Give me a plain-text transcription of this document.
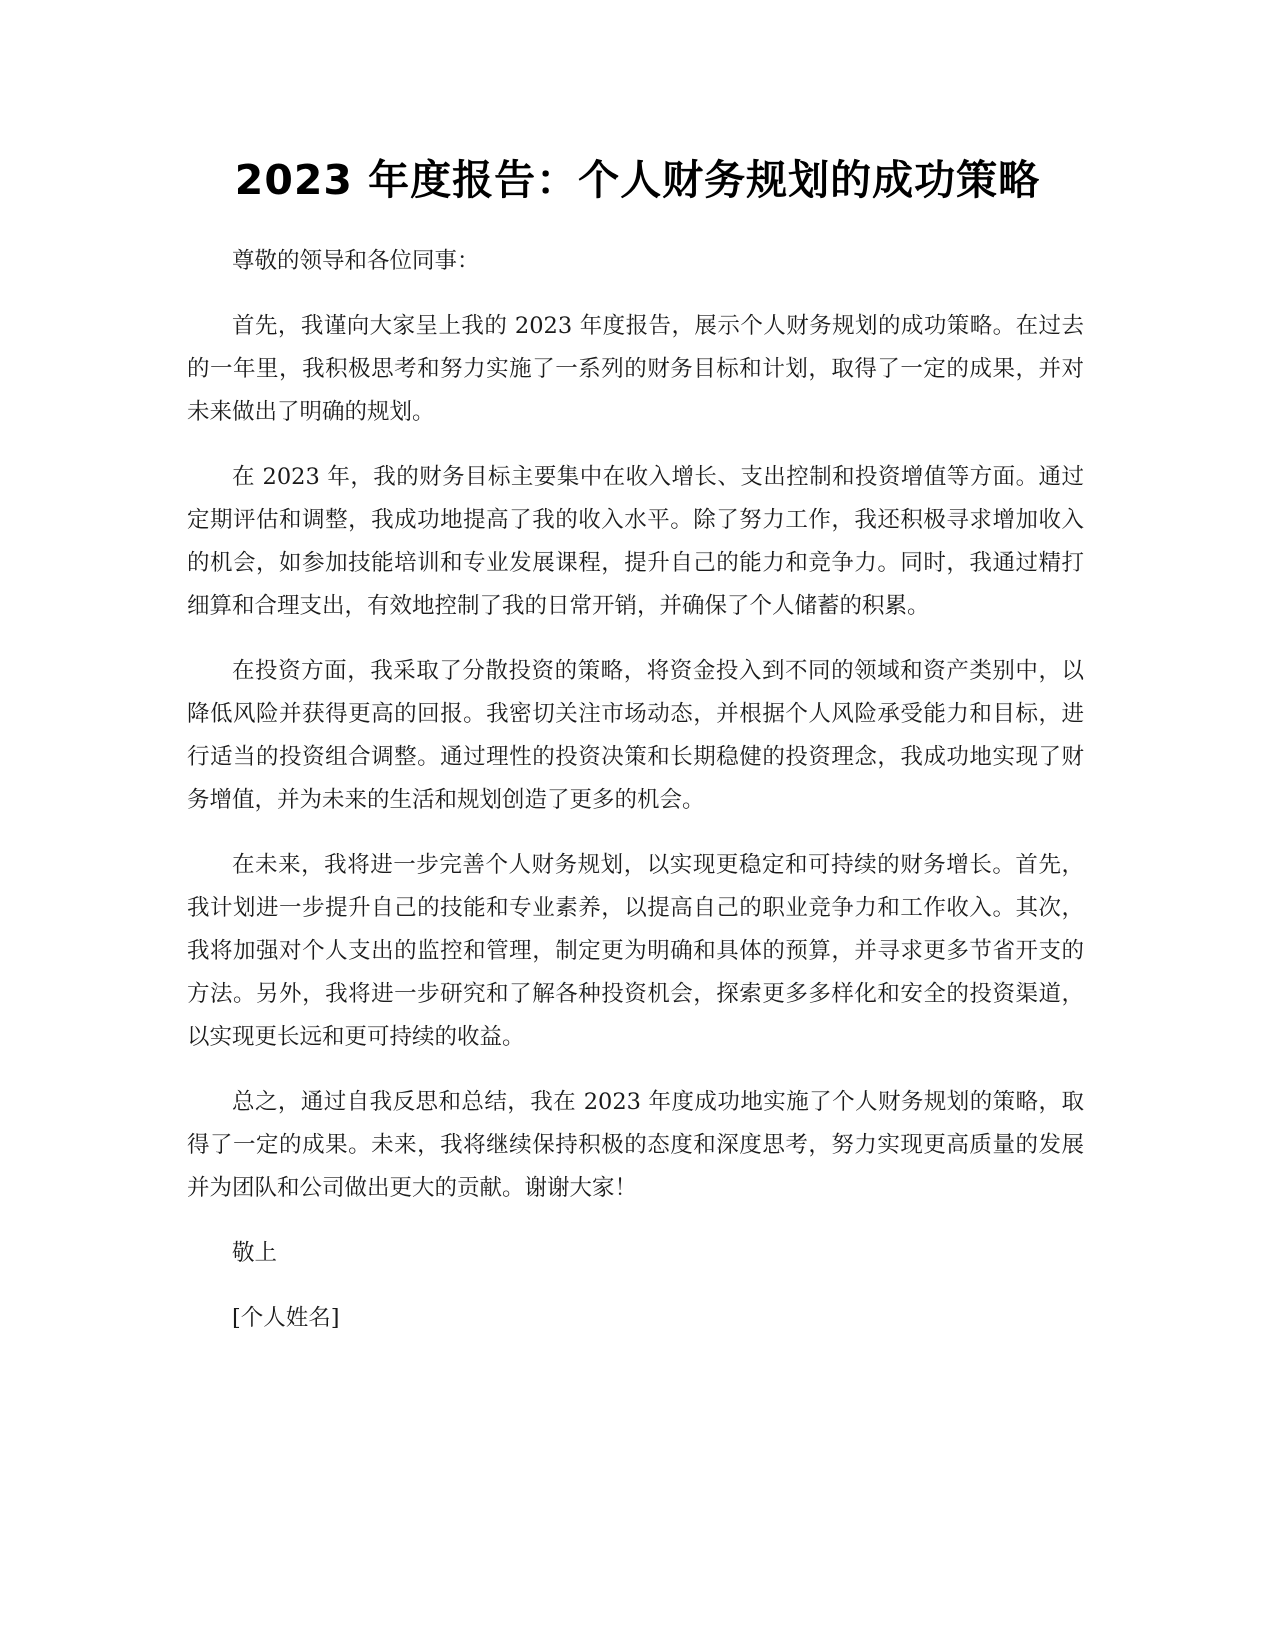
2023 年度报告：个人财务规划的成功策略

尊敬的领导和各位同事：

首先，我谨向大家呈上我的 2023 年度报告，展示个人财务规划的成功策略。在过去的一年里，我积极思考和努力实施了一系列的财务目标和计划，取得了一定的成果，并对未来做出了明确的规划。

在 2023 年，我的财务目标主要集中在收入增长、支出控制和投资增值等方面。通过定期评估和调整，我成功地提高了我的收入水平。除了努力工作，我还积极寻求增加收入的机会，如参加技能培训和专业发展课程，提升自己的能力和竞争力。同时，我通过精打细算和合理支出，有效地控制了我的日常开销，并确保了个人储蓄的积累。

在投资方面，我采取了分散投资的策略，将资金投入到不同的领域和资产类别中，以降低风险并获得更高的回报。我密切关注市场动态，并根据个人风险承受能力和目标，进行适当的投资组合调整。通过理性的投资决策和长期稳健的投资理念，我成功地实现了财务增值，并为未来的生活和规划创造了更多的机会。

在未来，我将进一步完善个人财务规划，以实现更稳定和可持续的财务增长。首先，我计划进一步提升自己的技能和专业素养，以提高自己的职业竞争力和工作收入。其次，我将加强对个人支出的监控和管理，制定更为明确和具体的预算，并寻求更多节省开支的方法。另外，我将进一步研究和了解各种投资机会，探索更多多样化和安全的投资渠道，以实现更长远和更可持续的收益。

总之，通过自我反思和总结，我在 2023 年度成功地实施了个人财务规划的策略，取得了一定的成果。未来，我将继续保持积极的态度和深度思考，努力实现更高质量的发展并为团队和公司做出更大的贡献。谢谢大家！

敬上

[个人姓名]
